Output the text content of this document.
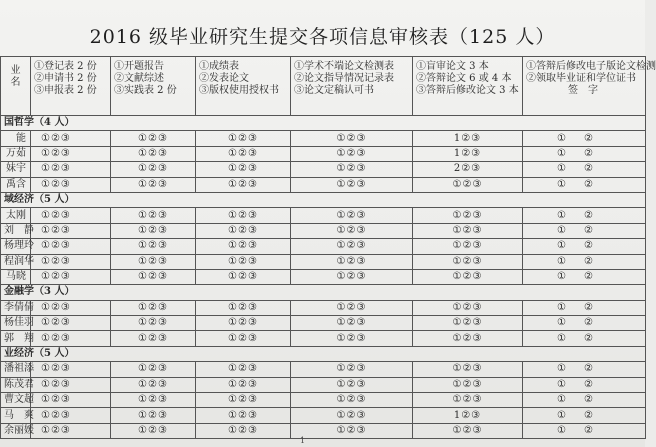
2016 级毕业研究生提交各项信息审核表（125 人）
业
名	①登记表 2 份
②申请书 2 份
③申报表 2 份	①开题报告
②文献综述
③实践表 2 份	①成绩表
②发表论文
③版权使用授权书	①学术不端论文检测表
②论文指导情况记录表
③论文定稿认可书	①盲审论文 3 本
②答辩论文 6 或 4 本
③答辩后修改论文 3 本	①答辩后修改电子版论文检测
②领取毕业证和学位证书
签　字

国哲学（4 人）						
能	①②③	①②③	①②③	①②③	1②③	①②
万茹	①②③	①②③	①②③	①②③	1②③	①②
妹宇	①②③	①②③	①②③	①②③	2②③	①②
禹含	①②③	①②③	①②③	①②③	①②③	①②
域经济（5 人）						
太刚	①②③	①②③	①②③	①②③	①②③	①②
刘　静	①②③	①②③	①②③	①②③	①②③	①②
杨理玲	①②③	①②③	①②③	①②③	①②③	①②
程润华	①②③	①②③	①②③	①②③	①②③	①②
马晓	①②③	①②③	①②③	①②③	①②③	①②
金融学（3 人）						
李倩倩	①②③	①②③	①②③	①②③	①②③	①②
杨佳羽	①②③	①②③	①②③	①②③	①②③	①②
郭　翔	①②③	①②③	①②③	①②③	①②③	①②
业经济（5 人）						
潘祖添	①②③	①②③	①②③	①②③	①②③	①②
陈茂君	①②③	①②③	①②③	①②③	①②③	①②
曹文超	①②③	①②③	①②③	①②③	①②③	①②
马　爽	①②③	①②③	①②③	①②③	1②③	①②
余丽媛	①②③	①②③	①②③	①②③	①②③	①②
1
